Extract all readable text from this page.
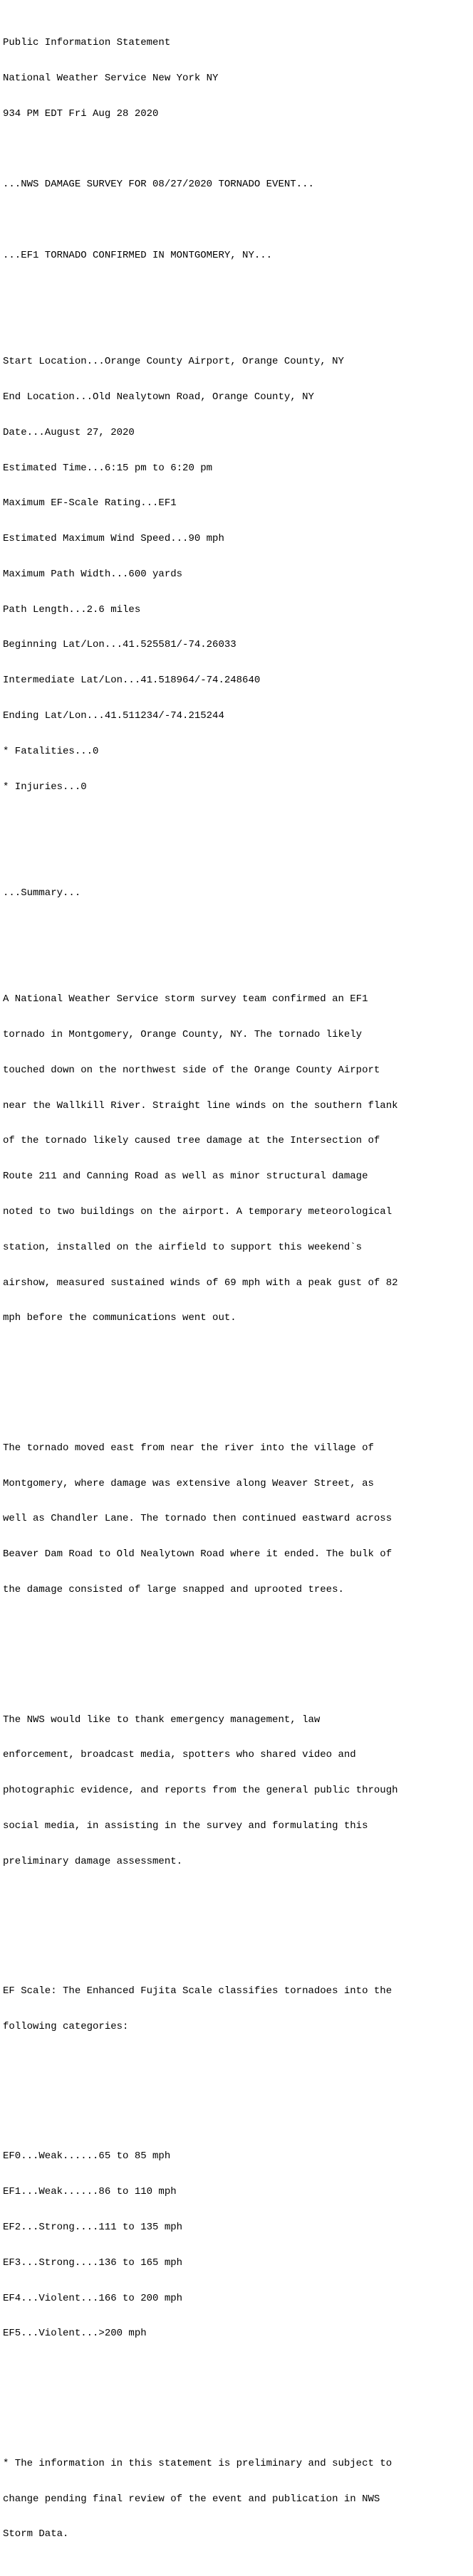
Public Information Statement

National Weather Service New York NY

934 PM EDT Fri Aug 28 2020

...NWS DAMAGE SURVEY FOR 08/27/2020 TORNADO EVENT...

...EF1 TORNADO CONFIRMED IN MONTGOMERY, NY...

Start Location...Orange County Airport, Orange County, NY

End Location...Old Nealytown Road, Orange County, NY

Date...August 27, 2020

Estimated Time...6:15 pm to 6:20 pm

Maximum EF-Scale Rating...EF1

Estimated Maximum Wind Speed...90 mph

Maximum Path Width...600 yards

Path Length...2.6 miles

Beginning Lat/Lon...41.525581/-74.26033

Intermediate Lat/Lon...41.518964/-74.248640

Ending Lat/Lon...41.511234/-74.215244

* Fatalities...0

* Injuries...0

...Summary...

A National Weather Service storm survey team confirmed an EF1

tornado in Montgomery, Orange County, NY. The tornado likely

touched down on the northwest side of the Orange County Airport

near the Wallkill River. Straight line winds on the southern flank

of the tornado likely caused tree damage at the Intersection of

Route 211 and Canning Road as well as minor structural damage

noted to two buildings on the airport. A temporary meteorological

station, installed on the airfield to support this weekend`s

airshow, measured sustained winds of 69 mph with a peak gust of 82

mph before the communications went out.

The tornado moved east from near the river into the village of

Montgomery, where damage was extensive along Weaver Street, as

well as Chandler Lane. The tornado then continued eastward across

Beaver Dam Road to Old Nealytown Road where it ended. The bulk of

the damage consisted of large snapped and uprooted trees.

The NWS would like to thank emergency management, law

enforcement, broadcast media, spotters who shared video and

photographic evidence, and reports from the general public through

social media, in assisting in the survey and formulating this

preliminary damage assessment.

EF Scale: The Enhanced Fujita Scale classifies tornadoes into the

following categories:

EF0...Weak......65 to 85 mph

EF1...Weak......86 to 110 mph

EF2...Strong....111 to 135 mph

EF3...Strong....136 to 165 mph

EF4...Violent...166 to 200 mph

EF5...Violent...>200 mph

* The information in this statement is preliminary and subject to

change pending final review of the event and publication in NWS

Storm Data.
